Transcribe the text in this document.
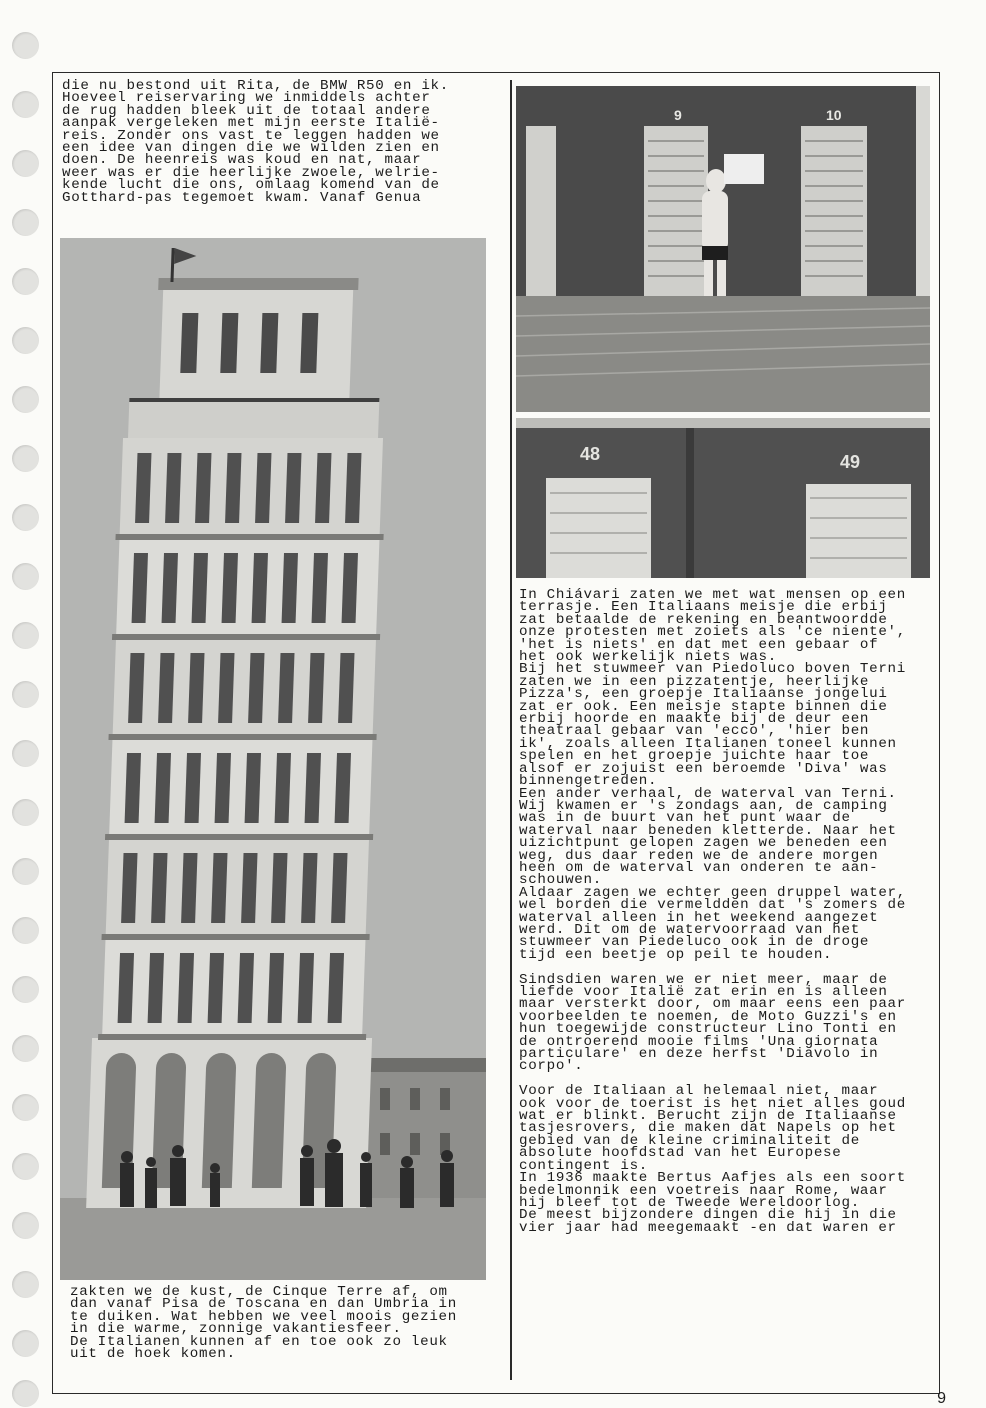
die nu bestond uit Rita, de BMW R50 en ik.
Hoeveel reiservaring we inmiddels achter
de rug hadden bleek uit de totaal andere
aanpak vergeleken met mijn eerste Italië-
reis. Zonder ons vast te leggen hadden we
een idee van dingen die we wilden zien en
doen. De heenreis was koud en nat, maar
weer was er die heerlijke zwoele, welrie-
kende lucht die ons, omlaag komend van de
Gotthard-pas tegemoet kwam. Vanaf Genua
zakten we de kust, de Cinque Terre af, om
dan vanaf Pisa de Toscana en dan Umbria in
te duiken. Wat hebben we veel moois gezien
in die warme, zonnige vakantiesfeer.
De Italianen kunnen af en toe ook zo leuk
uit de hoek komen.
9	10
48	49
In Chiávari zaten we met wat mensen op een
terrasje. Een Italiaans meisje die erbij
zat betaalde de rekening en beantwoordde
onze protesten met zoiets als 'ce niente',
'het is niets' en dat met een gebaar of
het ook werkelijk niets was.
Bij het stuwmeer van Piedoluco boven Terni
zaten we in een pizzatentje, heerlijke
Pizza's, een groepje Italiaanse jongelui
zat er ook. Een meisje stapte binnen die
erbij hoorde en maakte bij de deur een
theatraal gebaar van 'ecco', 'hier ben
ik', zoals alleen Italianen toneel kunnen
spelen en het groepje juichte haar toe
alsof er zojuist een beroemde 'Diva' was
binnengetreden.
Een ander verhaal, de waterval van Terni.
Wij kwamen er 's zondags aan, de camping
was in de buurt van het punt waar de
waterval naar beneden kletterde. Naar het
uizichtpunt gelopen zagen we beneden een
weg, dus daar reden we de andere morgen
heen om de waterval van onderen te aan-
schouwen.
Aldaar zagen we echter geen druppel water,
wel borden die vermeldden dat 's zomers de
waterval alleen in het weekend aangezet
werd. Dit om de watervoorraad van het
stuwmeer van Piedeluco ook in de droge
tijd een beetje op peil te houden.

Sindsdien waren we er niet meer, maar de
liefde voor Italië zat erin en is alleen
maar versterkt door, om maar eens een paar
voorbeelden te noemen, de Moto Guzzi's en
hun toegewijde constructeur Lino Tonti en
de ontroerend mooie films 'Una giornata
particulare' en deze herfst 'Diavolo in
corpo'.

Voor de Italiaan al helemaal niet, maar
ook voor de toerist is het niet alles goud
wat er blinkt. Berucht zijn de Italiaanse
tasjesrovers, die maken dat Napels op het
gebied van de kleine criminaliteit de
absolute hoofdstad van het Europese
contingent is.
In 1936 maakte Bertus Aafjes als een soort
bedelmonnik een voetreis naar Rome, waar
hij bleef tot de Tweede Wereldoorlog.
De meest bijzondere dingen die hij in die
vier jaar had meegemaakt -en dat waren er
9
